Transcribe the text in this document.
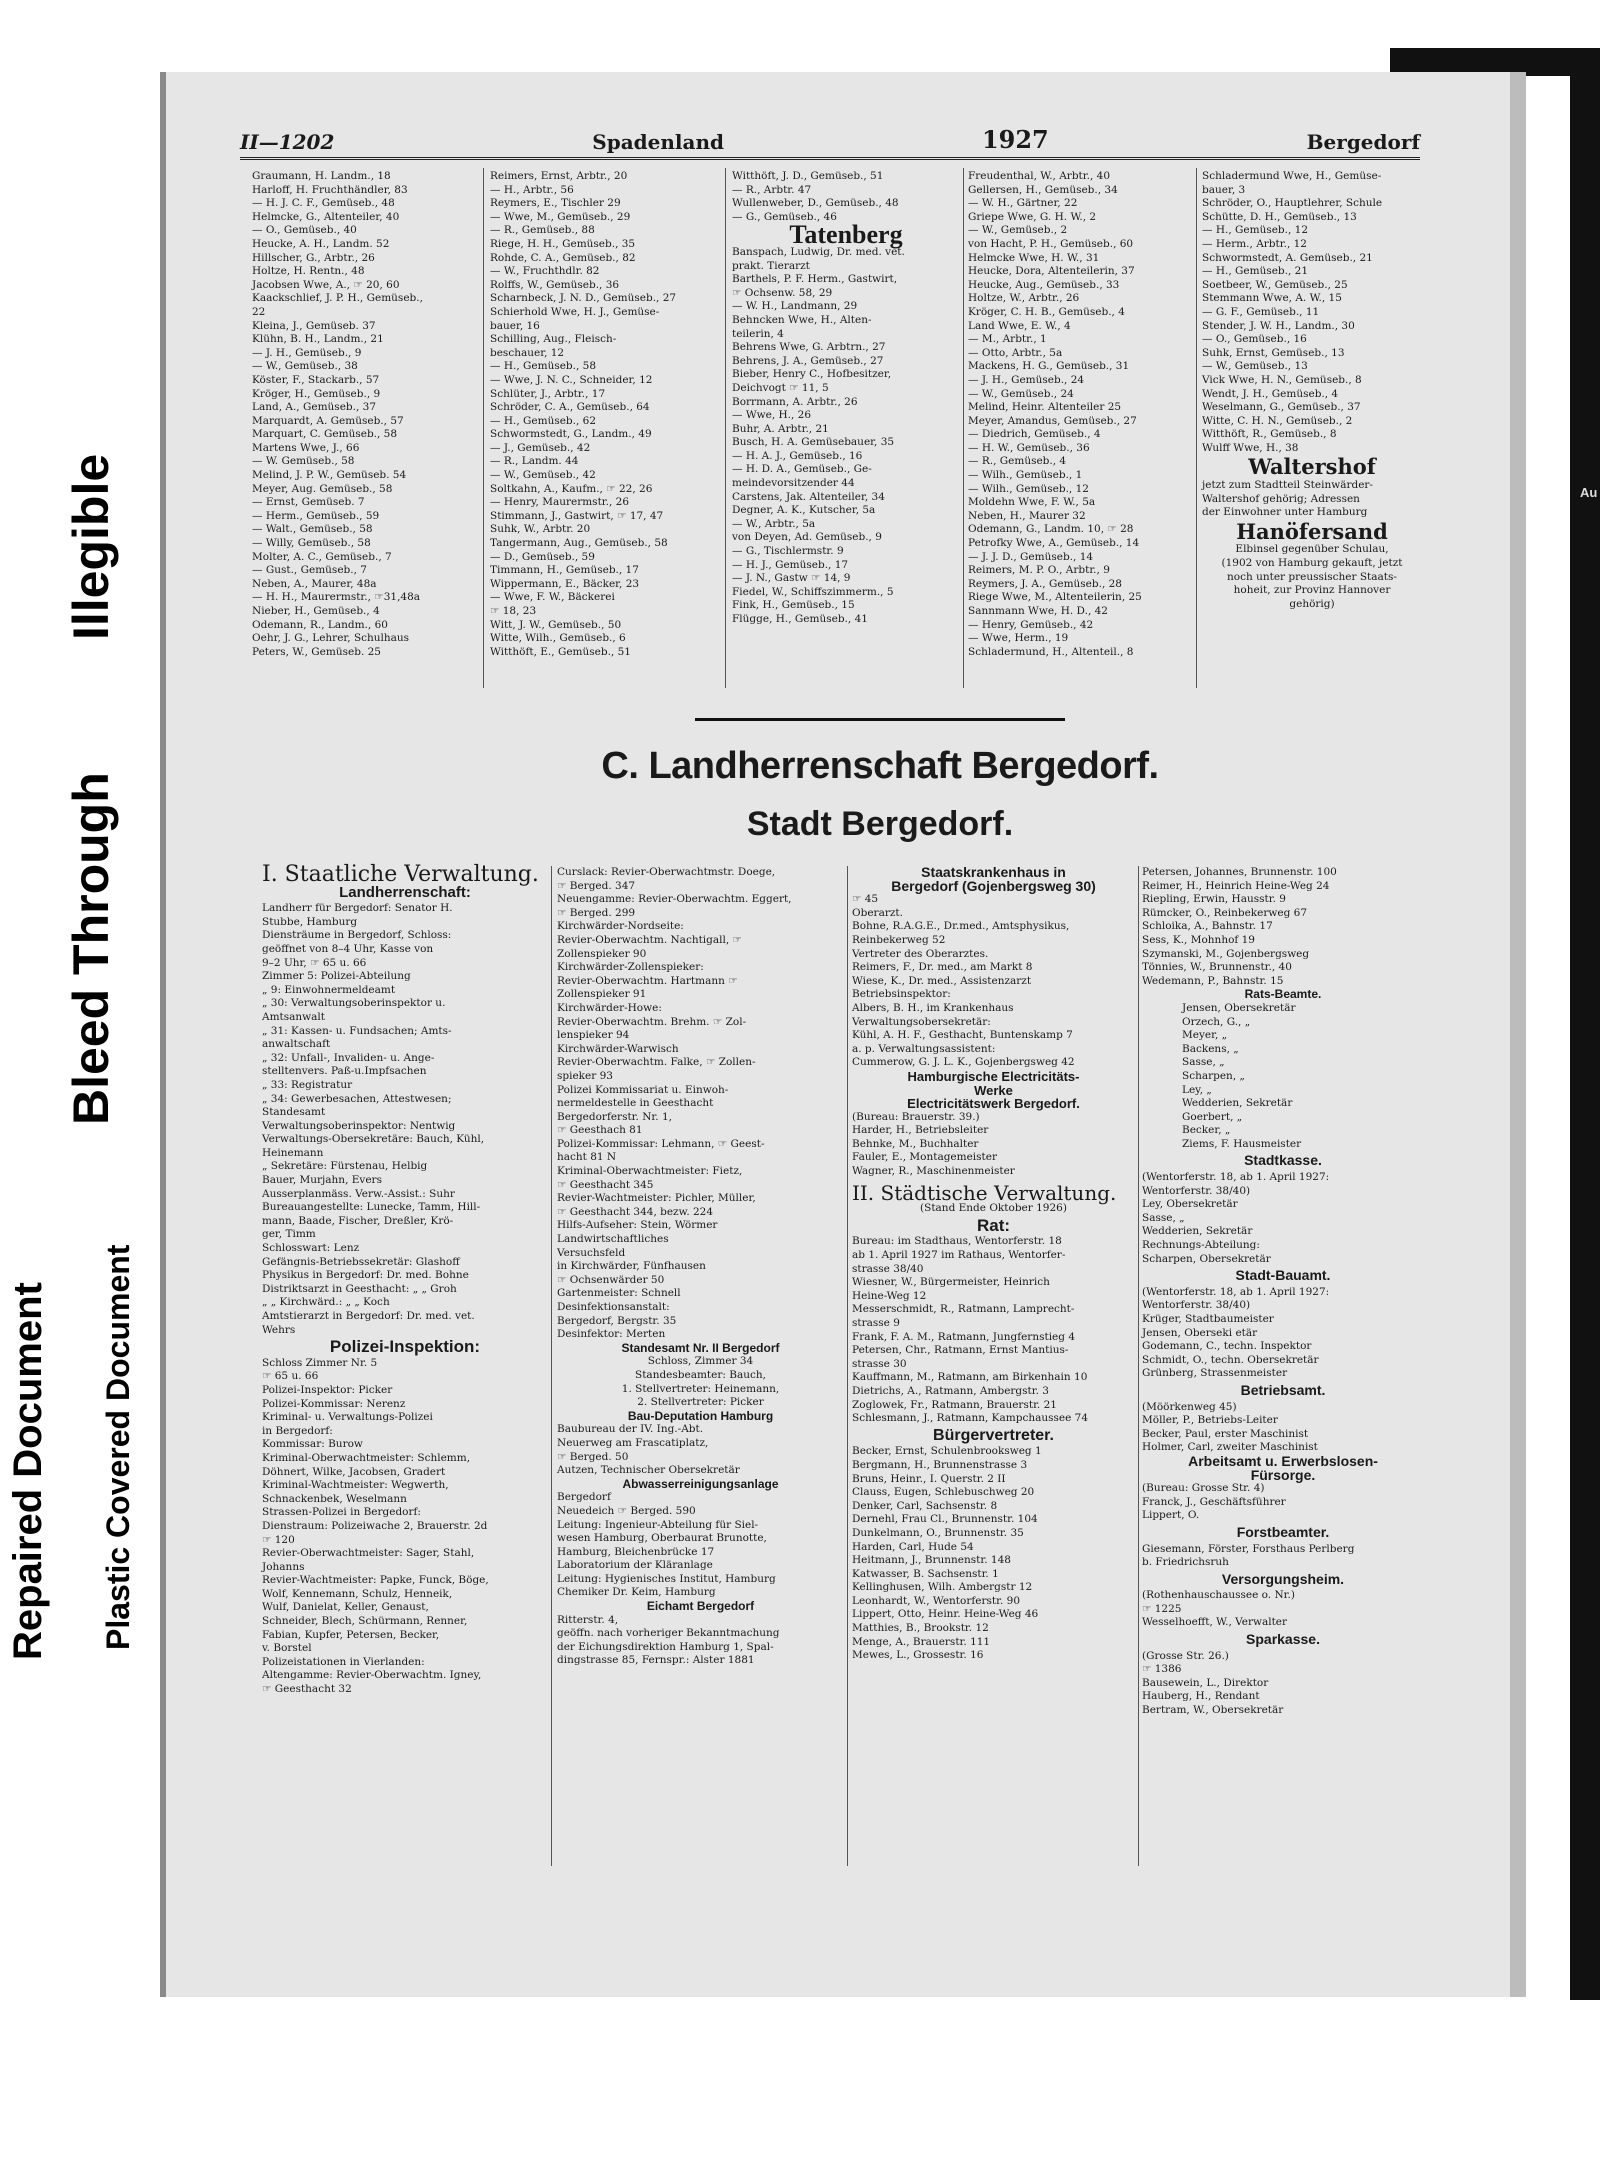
Illegible
Bleed Through
Repaired Document Plastic Covered Document
Au
II—1202	Spadenland	1927	Bergedorf
Graumann, H. Landm., 18
Harloff, H. Fruchthändler, 83
— H. J. C. F., Gemüseb., 48
Helmcke, G., Altenteiler, 40
— O., Gemüseb., 40
Heucke, A. H., Landm. 52
Hillscher, G., Arbtr., 26
Holtze, H. Rentn., 48
Jacobsen Wwe, A., ☞ 20, 60
Kaackschlief, J. P. H., Gemüseb.,
22
Kleina, J., Gemüseb. 37
Klühn, B. H., Landm., 21
— J. H., Gemüseb., 9
— W., Gemüseb., 38
Köster, F., Stackarb., 57
Kröger, H., Gemüseb., 9
Land, A., Gemüseb., 37
Marquardt, A. Gemüseb., 57
Marquart, C. Gemüseb., 58
Martens Wwe, J., 66
— W. Gemüseb., 58
Melind, J. P. W., Gemüseb. 54
Meyer, Aug. Gemüseb., 58
— Ernst, Gemüseb. 7
— Herm., Gemüseb., 59
— Walt., Gemüseb., 58
— Willy, Gemüseb., 58
Molter, A. C., Gemüseb., 7
— Gust., Gemüseb., 7
Neben, A., Maurer, 48a
— H. H., Maurermstr., ☞31,48a
Nieber, H., Gemüseb., 4
Odemann, R., Landm., 60
Oehr, J. G., Lehrer, Schulhaus
Peters, W., Gemüseb. 25
Reimers, Ernst, Arbtr., 20
— H., Arbtr., 56
Reymers, E., Tischler 29
— Wwe, M., Gemüseb., 29
— R., Gemüseb., 88
Riege, H. H., Gemüseb., 35
Rohde, C. A., Gemüseb., 82
— W., Fruchthdlr. 82
Rolffs, W., Gemüseb., 36
Scharnbeck, J. N. D., Gemüseb., 27
Schierhold Wwe, H. J., Gemüse-
bauer, 16
Schilling, Aug., Fleisch-
beschauer, 12
— H., Gemüseb., 58
— Wwe, J. N. C., Schneider, 12
Schlüter, J., Arbtr., 17
Schröder, C. A., Gemüseb., 64
— H., Gemüseb., 62
Schwormstedt, G., Landm., 49
— J., Gemüseb., 42
— R., Landm. 44
— W., Gemüseb., 42
Soltkahn, A., Kaufm., ☞ 22, 26
— Henry, Maurermstr., 26
Stimmann, J., Gastwirt, ☞ 17, 47
Suhk, W., Arbtr. 20
Tangermann, Aug., Gemüseb., 58
— D., Gemüseb., 59
Timmann, H., Gemüseb., 17
Wippermann, E., Bäcker, 23
— Wwe, F. W., Bäckerei
☞ 18, 23
Witt, J. W., Gemüseb., 50
Witte, Wilh., Gemüseb., 6
Witthöft, E., Gemüseb., 51
Witthöft, J. D., Gemüseb., 51
— R., Arbtr. 47
Wullenweber, D., Gemüseb., 48
— G., Gemüseb., 46
Tatenberg
Banspach, Ludwig, Dr. med. vet.
prakt. Tierarzt
Barthels, P. F. Herm., Gastwirt,
☞ Ochsenw. 58, 29
— W. H., Landmann, 29
Behncken Wwe, H., Alten-
teilerin, 4
Behrens Wwe, G. Arbtrn., 27
Behrens, J. A., Gemüseb., 27
Bieber, Henry C., Hofbesitzer,
Deichvogt ☞ 11, 5
Borrmann, A. Arbtr., 26
— Wwe, H., 26
Buhr, A. Arbtr., 21
Busch, H. A. Gemüsebauer, 35
— H. A. J., Gemüseb., 16
— H. D. A., Gemüseb., Ge-
meindevorsitzender 44
Carstens, Jak. Altenteiler, 34
Degner, A. K., Kutscher, 5a
— W., Arbtr., 5a
von Deyen, Ad. Gemüseb., 9
— G., Tischlermstr. 9
— H. J., Gemüseb., 17
— J. N., Gastw ☞ 14, 9
Fiedel, W., Schiffszimmerm., 5
Fink, H., Gemüseb., 15
Flügge, H., Gemüseb., 41
Freudenthal, W., Arbtr., 40
Gellersen, H., Gemüseb., 34
— W. H., Gärtner, 22
Griepe Wwe, G. H. W., 2
— W., Gemüseb., 2
von Hacht, P. H., Gemüseb., 60
Helmcke Wwe, H. W., 31
Heucke, Dora, Altenteilerin, 37
Heucke, Aug., Gemüseb., 33
Holtze, W., Arbtr., 26
Kröger, C. H. B., Gemüseb., 4
Land Wwe, E. W., 4
— M., Arbtr., 1
— Otto, Arbtr., 5a
Mackens, H. G., Gemüseb., 31
— J. H., Gemüseb., 24
— W., Gemüseb., 24
Melind, Heinr. Altenteiler 25
Meyer, Amandus, Gemüseb., 27
— Diedrich, Gemüseb., 4
— H. W., Gemüseb., 36
— R., Gemüseb., 4
— Wilh., Gemüseb., 1
— Wilh., Gemüseb., 12
Moldehn Wwe, F. W., 5a
Neben, H., Maurer 32
Odemann, G., Landm. 10, ☞ 28
Petrofky Wwe, A., Gemüseb., 14
— J. J. D., Gemüseb., 14
Reimers, M. P. O., Arbtr., 9
Reymers, J. A., Gemüseb., 28
Riege Wwe, M., Altenteilerin, 25
Sannmann Wwe, H. D., 42
— Henry, Gemüseb., 42
— Wwe, Herm., 19
Schladermund, H., Altenteil., 8
Schladermund Wwe, H., Gemüse-
bauer, 3
Schröder, O., Hauptlehrer, Schule
Schütte, D. H., Gemüseb., 13
— H., Gemüseb., 12
— Herm., Arbtr., 12
Schwormstedt, A. Gemüseb., 21
— H., Gemüseb., 21
Soetbeer, W., Gemüseb., 25
Stemmann Wwe, A. W., 15
— G. F., Gemüseb., 11
Stender, J. W. H., Landm., 30
— O., Gemüseb., 16
Suhk, Ernst, Gemüseb., 13
— W., Gemüseb., 13
Vick Wwe, H. N., Gemüseb., 8
Wendt, J. H., Gemüseb., 4
Weselmann, G., Gemüseb., 37
Witte, C. H. N., Gemüseb., 2
Witthöft, R., Gemüseb., 8
Wulff Wwe, H., 38
Waltershof
jetzt zum Stadtteil Steinwärder-
Waltershof gehörig; Adressen
der Einwohner unter Hamburg
Hanöfersand
Elbinsel gegenüber Schulau,
(1902 von Hamburg gekauft, jetzt
noch unter preussischer Staats-
hoheit, zur Provinz Hannover
gehörig)
C. Landherrenschaft Bergedorf.
Stadt Bergedorf.
I. Staatliche Verwaltung.
Landherrenschaft:
Landherr für Bergedorf: Senator H.
Stubbe, Hamburg
Diensträume in Bergedorf, Schloss:
geöffnet von 8–4 Uhr, Kasse von
9–2 Uhr, ☞ 65 u. 66
Zimmer 5: Polizei-Abteilung
„ 9: Einwohnermeldeamt
„ 30: Verwaltungsoberinspektor u.
Amtsanwalt
„ 31: Kassen- u. Fundsachen; Amts-
anwaltschaft
„ 32: Unfall-, Invaliden- u. Ange-
stelltenvers. Paß-u.Impfsachen
„ 33: Registratur
„ 34: Gewerbesachen, Attestwesen;
Standesamt
Verwaltungsoberinspektor: Nentwig
Verwaltungs-Obersekretäre: Bauch, Kühl,
Heinemann
„ Sekretäre: Fürstenau, Helbig
Bauer, Murjahn, Evers
Ausserplanmäss. Verw.-Assist.: Suhr
Bureauangestellte: Lunecke, Tamm, Hill-
mann, Baade, Fischer, Dreßler, Krö-
ger, Timm
Schlosswart: Lenz
Gefängnis-Betriebssekretär: Glashoff
Physikus in Bergedorf: Dr. med. Bohne
Distriktsarzt in Geesthacht: „ „ Groh
„ „ Kirchwärd.: „ „ Koch
Amtstierarzt in Bergedorf: Dr. med. vet.
Wehrs
Polizei-Inspektion:
Schloss Zimmer Nr. 5
☞ 65 u. 66
Polizei-Inspektor: Picker
Polizei-Kommissar: Nerenz
Kriminal- u. Verwaltungs-Polizei
in Bergedorf:
Kommissar: Burow
Kriminal-Oberwachtmeister: Schlemm,
Döhnert, Wilke, Jacobsen, Gradert
Kriminal-Wachtmeister: Wegwerth,
Schnackenbek, Weselmann
Strassen-Polizei in Bergedorf:
Dienstraum: Polizeiwache 2, Brauerstr. 2d
☞ 120
Revier-Oberwachtmeister: Sager, Stahl,
Johanns
Revier-Wachtmeister: Papke, Funck, Böge,
Wolf, Kennemann, Schulz, Henneik,
Wulf, Danielat, Keller, Genaust,
Schneider, Blech, Schürmann, Renner,
Fabian, Kupfer, Petersen, Becker,
v. Borstel
Polizeistationen in Vierlanden:
Altengamme: Revier-Oberwachtm. Igney,
☞ Geesthacht 32
Curslack: Revier-Oberwachtmstr. Doege,
☞ Berged. 347
Neuengamme: Revier-Oberwachtm. Eggert,
☞ Berged. 299
Kirchwärder-Nordseite:
Revier-Oberwachtm. Nachtigall, ☞
Zollenspieker 90
Kirchwärder-Zollenspieker:
Revier-Oberwachtm. Hartmann ☞
Zollenspieker 91
Kirchwärder-Howe:
Revier-Oberwachtm. Brehm. ☞ Zol-
lenspieker 94
Kirchwärder-Warwisch
Revier-Oberwachtm. Falke, ☞ Zollen-
spieker 93
Polizei Kommissariat u. Einwoh-
nermeldestelle in Geesthacht
Bergedorferstr. Nr. 1,
☞ Geesthach 81
Polizei-Kommissar: Lehmann, ☞ Geest-
hacht 81 N
Kriminal-Oberwachtmeister: Fietz,
☞ Geesthacht 345
Revier-Wachtmeister: Pichler, Müller,
☞ Geesthacht 344, bezw. 224
Hilfs-Aufseher: Stein, Wörmer
Landwirtschaftliches
Versuchsfeld
in Kirchwärder, Fünfhausen
☞ Ochsenwärder 50
Gartenmeister: Schnell
Desinfektionsanstalt:
Bergedorf, Bergstr. 35
Desinfektor: Merten
Standesamt Nr. II Bergedorf
Schloss, Zimmer 34
Standesbeamter: Bauch,
1. Stellvertreter: Heinemann,
2. Stellvertreter: Picker
Bau-Deputation Hamburg
Baubureau der IV. Ing.-Abt.
Neuerweg am Frascatiplatz,
☞ Berged. 50
Autzen, Technischer Obersekretär
Abwasserreinigungsanlage
Bergedorf
Neuedeich ☞ Berged. 590
Leitung: Ingenieur-Abteilung für Siel-
wesen Hamburg, Oberbaurat Brunotte,
Hamburg, Bleichenbrücke 17
Laboratorium der Kläranlage
Leitung: Hygienisches Institut, Hamburg
Chemiker Dr. Keim, Hamburg
Eichamt Bergedorf
Ritterstr. 4,
geöffn. nach vorheriger Bekanntmachung
der Eichungsdirektion Hamburg 1, Spal-
dingstrasse 85, Fernspr.: Alster 1881
Staatskrankenhaus in
Bergedorf (Gojenbergsweg 30)
☞ 45
Oberarzt.
Bohne, R.A.G.E., Dr.med., Amtsphysikus,
Reinbekerweg 52
Vertreter des Oberarztes.
Reimers, F., Dr. med., am Markt 8
Wiese, K., Dr. med., Assistenzarzt
Betriebsinspektor:
Albers, B. H., im Krankenhaus
Verwaltungsobersekretär:
Kühl, A. H. F., Gesthacht, Buntenskamp 7
a. p. Verwaltungsassistent:
Cummerow, G. J. L. K., Gojenbergsweg 42
Hamburgische Electricitäts-
Werke
Electricitätswerk Bergedorf.
(Bureau: Brauerstr. 39.)
Harder, H., Betriebsleiter
Behnke, M., Buchhalter
Fauler, E., Montagemeister
Wagner, R., Maschinenmeister
II. Städtische Verwaltung.
(Stand Ende Oktober 1926)
Rat:
Bureau: im Stadthaus, Wentorferstr. 18
ab 1. April 1927 im Rathaus, Wentorfer-
strasse 38/40
Wiesner, W., Bürgermeister, Heinrich
Heine-Weg 12
Messerschmidt, R., Ratmann, Lamprecht-
strasse 9
Frank, F. A. M., Ratmann, Jungfernstieg 4
Petersen, Chr., Ratmann, Ernst Mantius-
strasse 30
Kauffmann, M., Ratmann, am Birkenhain 10
Dietrichs, A., Ratmann, Ambergstr. 3
Zoglowek, Fr., Ratmann, Brauerstr. 21
Schlesmann, J., Ratmann, Kampchaussee 74
Bürgervertreter.
Becker, Ernst, Schulenbrooksweg 1
Bergmann, H., Brunnenstrasse 3
Bruns, Heinr., I. Querstr. 2 II
Clauss, Eugen, Schlebuschweg 20
Denker, Carl, Sachsenstr. 8
Dernehl, Frau Cl., Brunnenstr. 104
Dunkelmann, O., Brunnenstr. 35
Harden, Carl, Hude 54
Heitmann, J., Brunnenstr. 148
Katwasser, B. Sachsenstr. 1
Kellinghusen, Wilh. Ambergstr 12
Leonhardt, W., Wentorferstr. 90
Lippert, Otto, Heinr. Heine-Weg 46
Matthies, B., Brookstr. 12
Menge, A., Brauerstr. 111
Mewes, L., Grossestr. 16
Petersen, Johannes, Brunnenstr. 100
Reimer, H., Heinrich Heine-Weg 24
Riepling, Erwin, Hausstr. 9
Rümcker, O., Reinbekerweg 67
Schloika, A., Bahnstr. 17
Sess, K., Mohnhof 19
Szymanski, M., Gojenbergsweg
Tönnies, W., Brunnenstr., 40
Wedemann, P., Bahnstr. 15
Rats-Beamte.
Jensen, Obersekretär
Orzech, G., „
Meyer, „
Backens, „
Sasse, „
Scharpen, „
Ley, „
Wedderien, Sekretär
Goerbert, „
Becker, „
Ziems, F. Hausmeister
Stadtkasse.
(Wentorferstr. 18, ab 1. April 1927:
Wentorferstr. 38/40)
Ley, Obersekretär
Sasse, „
Wedderien, Sekretär
Rechnungs-Abteilung:
Scharpen, Obersekretär
Stadt-Bauamt.
(Wentorferstr. 18, ab 1. April 1927:
Wentorferstr. 38/40)
Krüger, Stadtbaumeister
Jensen, Oberseki etär
Godemann, C., techn. Inspektor
Schmidt, O., techn. Obersekretär
Grünberg, Strassenmeister
Betriebsamt.
(Möörkenweg 45)
Möller, P., Betriebs-Leiter
Becker, Paul, erster Maschinist
Holmer, Carl, zweiter Maschinist
Arbeitsamt u. Erwerbslosen-
Fürsorge.
(Bureau: Grosse Str. 4)
Franck, J., Geschäftsführer
Lippert, O.
Forstbeamter.
Giesemann, Förster, Forsthaus Perlberg
b. Friedrichsruh
Versorgungsheim.
(Rothenhauschaussee o. Nr.)
☞ 1225
Wesselhoefft, W., Verwalter
Sparkasse.
(Grosse Str. 26.)
☞ 1386
Bausewein, L., Direktor
Hauberg, H., Rendant
Bertram, W., Obersekretär
